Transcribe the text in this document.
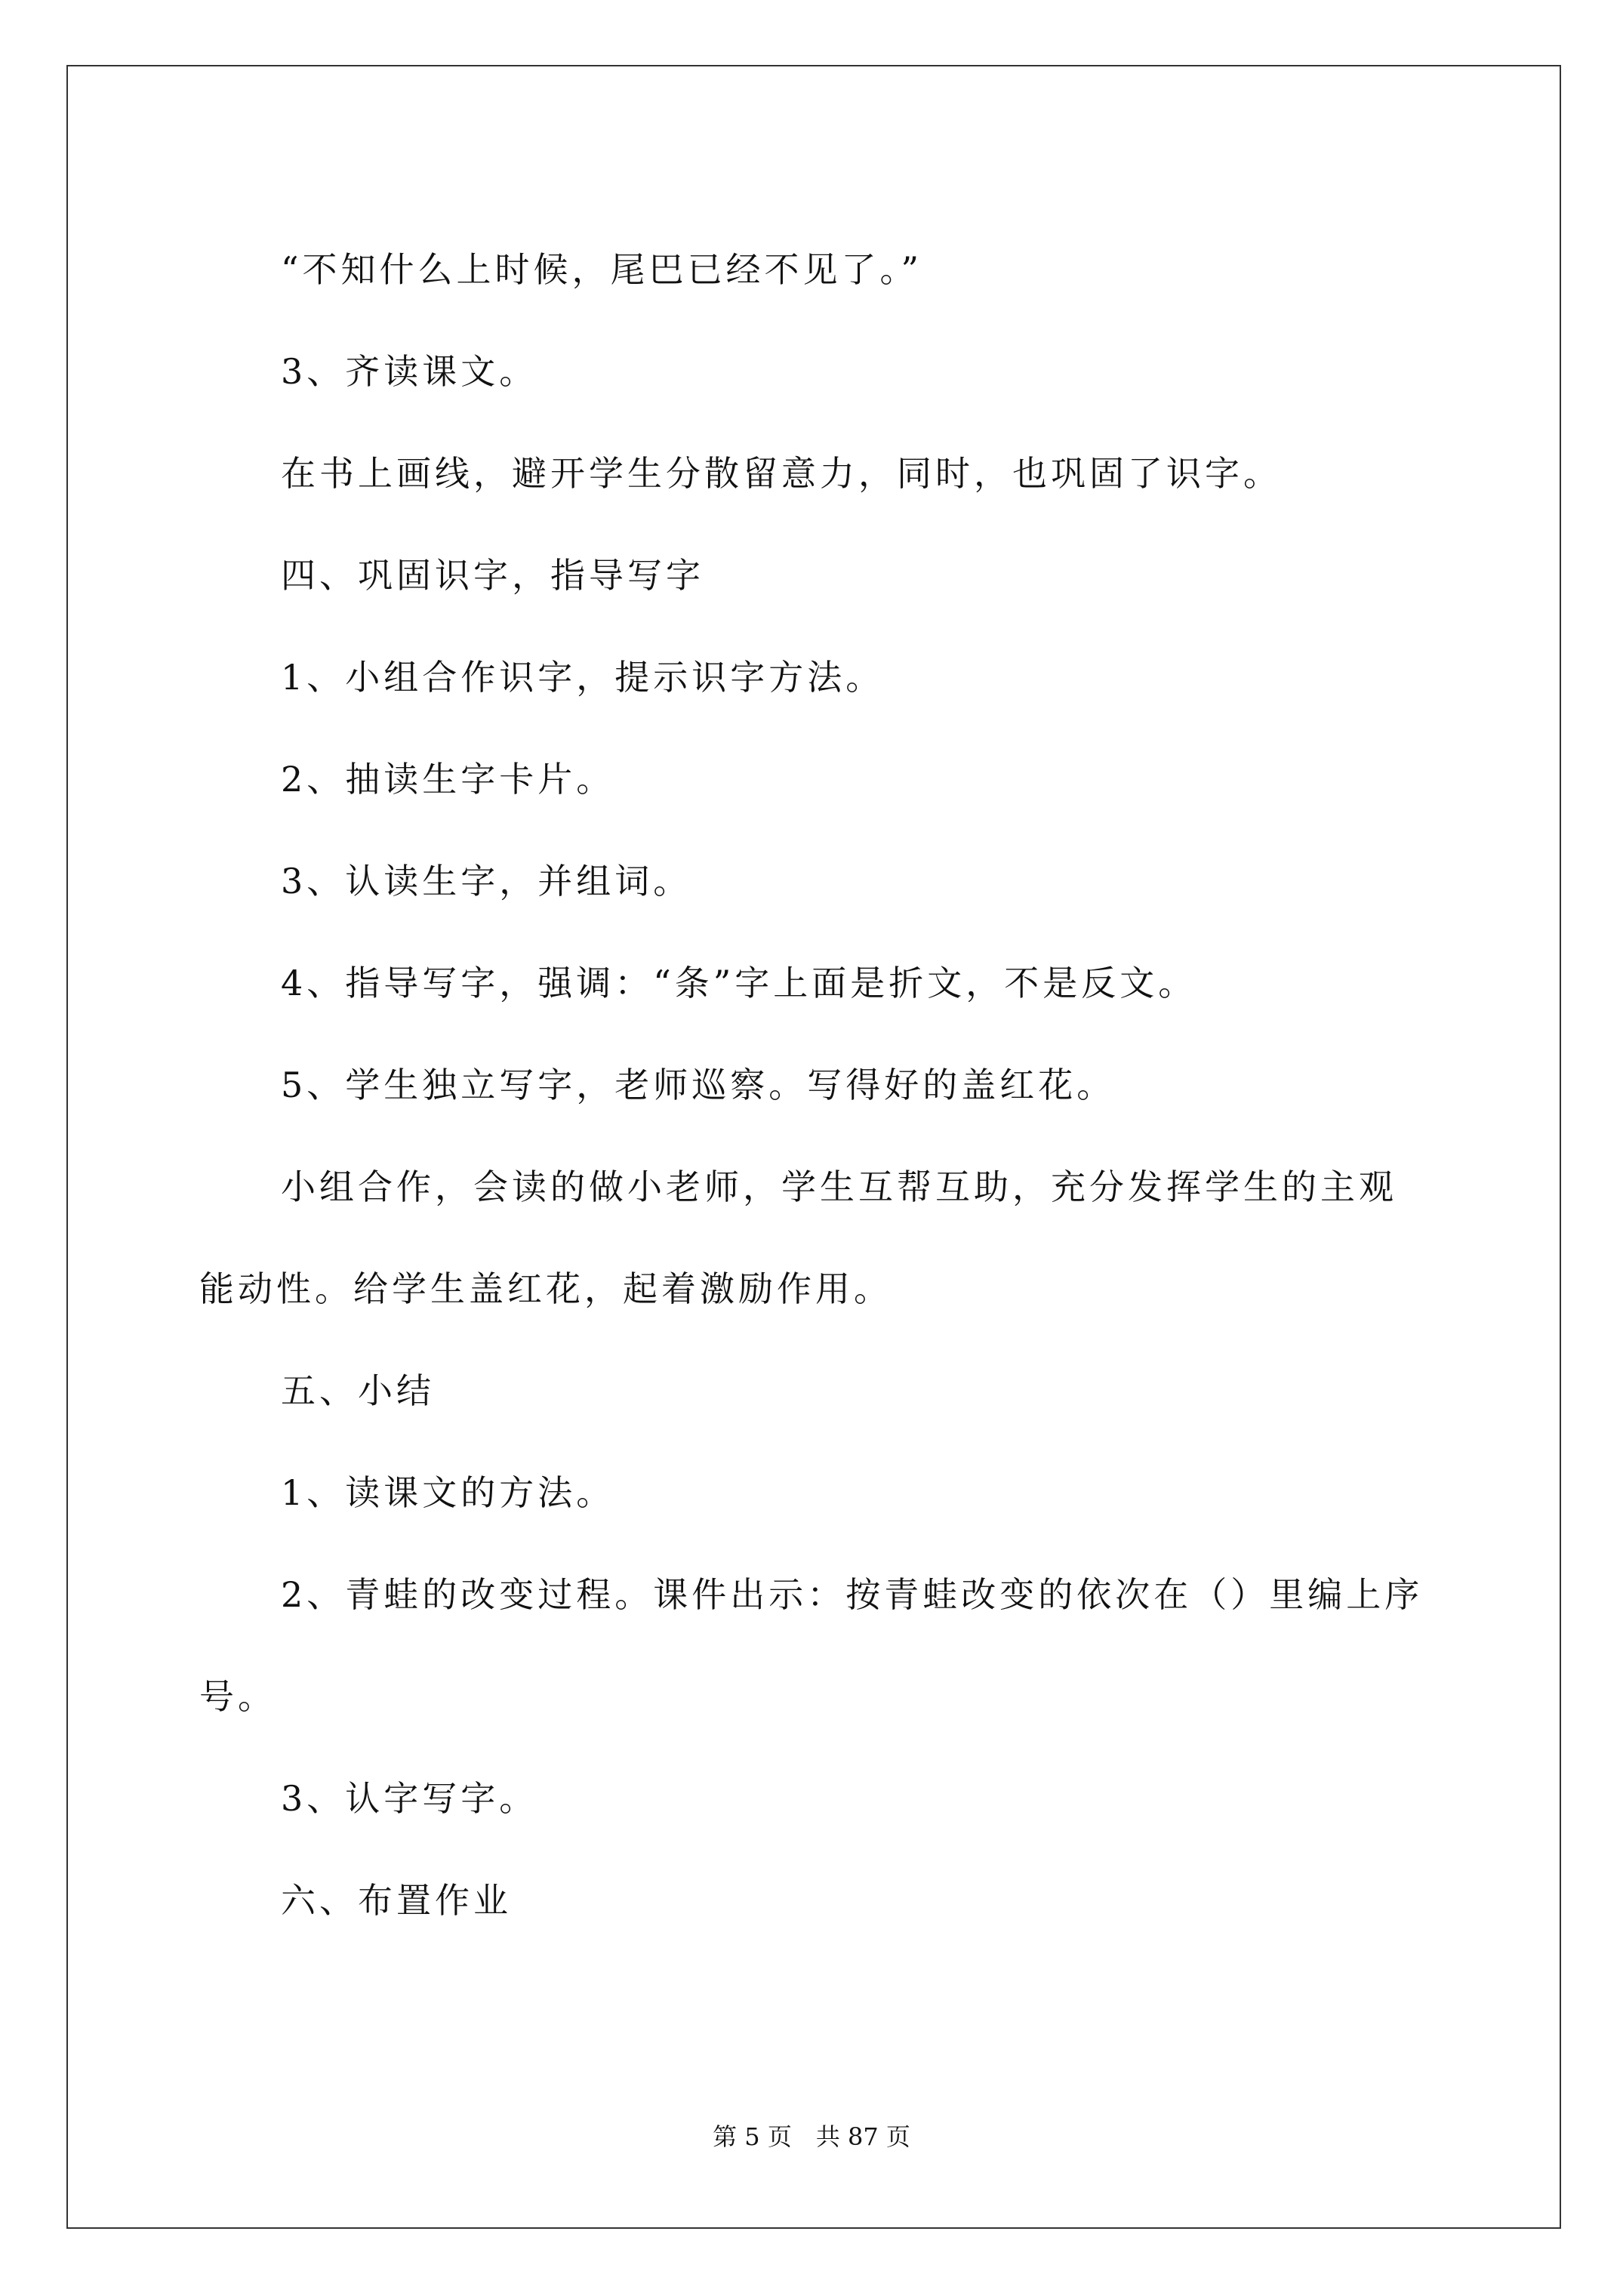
“不知什么上时候，尾巴已经不见了。”

3、齐读课文。

在书上画线，避开学生分散留意力，同时，也巩固了识字。

四、巩固识字，指导写字

1、小组合作识字，提示识字方法。

2、抽读生字卡片。

3、认读生字，并组词。

4、指导写字，强调：“条”字上面是折文，不是反文。

5、学生独立写字，老师巡察。写得好的盖红花。

小组合作，会读的做小老师，学生互帮互助，充分发挥学生的主观能动性。给学生盖红花，起着激励作用。

五、小结

1、读课文的方法。

2、青蛙的改变过程。课件出示：按青蛙改变的依次在（）里编上序号。

3、认字写字。

六、布置作业

第 5 页　共 87 页
